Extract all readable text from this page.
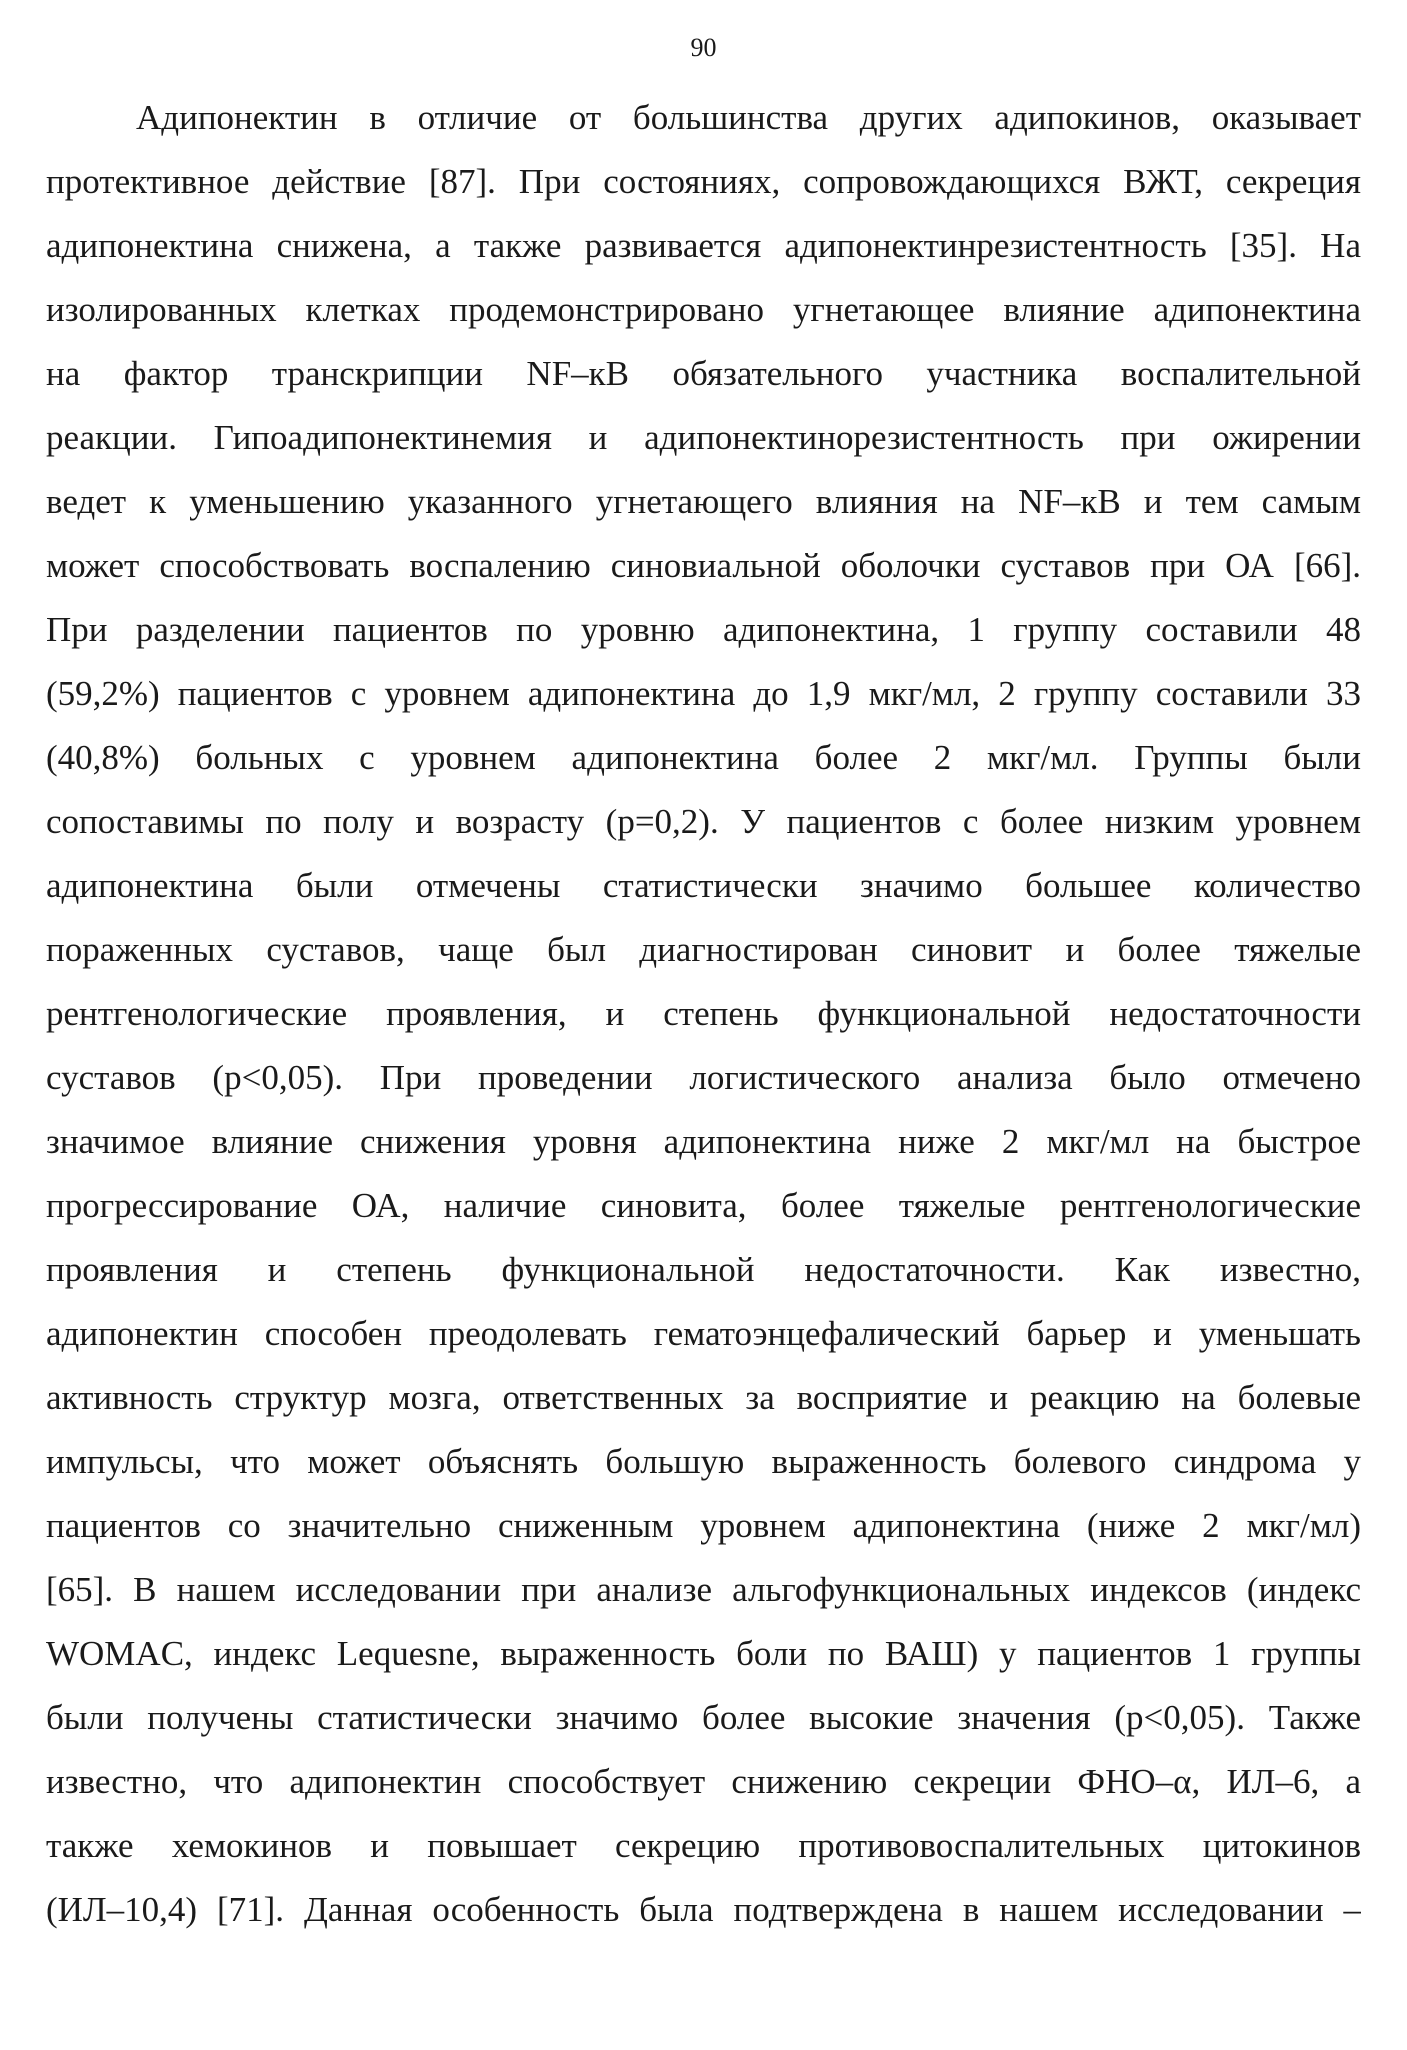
90
Адипонектин в отличие от большинства других адипокинов, оказывает
протективное действие [87]. При состояниях, сопровождающихся ВЖТ, секреция
адипонектина снижена, а также развивается адипонектинрезистентность [35]. На
изолированных клетках продемонстрировано угнетающее влияние адипонектина
на фактор транскрипции NF–кB обязательного участника воспалительной
реакции. Гипоадипонектинемия и адипонектинорезистентность при ожирении
ведет к уменьшению указанного угнетающего влияния на NF–кB и тем самым
может способствовать воспалению синовиальной оболочки суставов при ОА [66].
При разделении пациентов по уровню адипонектина, 1 группу составили 48
(59,2%) пациентов с уровнем адипонектина до 1,9 мкг/мл, 2 группу составили 33
(40,8%) больных с уровнем адипонектина более 2 мкг/мл. Группы были
сопоставимы по полу и возрасту (p=0,2). У пациентов с более низким уровнем
адипонектина были отмечены статистически значимо большее количество
пораженных суставов, чаще был диагностирован синовит и более тяжелые
рентгенологические проявления, и степень функциональной недостаточности
суставов (p<0,05). При проведении логистического анализа было отмечено
значимое влияние снижения уровня адипонектина ниже 2 мкг/мл на быстрое
прогрессирование ОА, наличие синовита, более тяжелые рентгенологические
проявления и степень функциональной недостаточности. Как известно,
адипонектин способен преодолевать гематоэнцефалический барьер и уменьшать
активность структур мозга, ответственных за восприятие и реакцию на болевые
импульсы, что может объяснять большую выраженность болевого синдрома у
пациентов со значительно сниженным уровнем адипонектина (ниже 2 мкг/мл)
[65]. В нашем исследовании при анализе альгофункциональных индексов (индекс
WOMAC, индекс Lequesne, выраженность боли по ВАШ) у пациентов 1 группы
были получены статистически значимо более высокие значения (p<0,05). Также
известно, что адипонектин способствует снижению секреции ФНО–α, ИЛ–6, а
также хемокинов и повышает секрецию противовоспалительных цитокинов
(ИЛ–10,4) [71]. Данная особенность была подтверждена в нашем исследовании –
